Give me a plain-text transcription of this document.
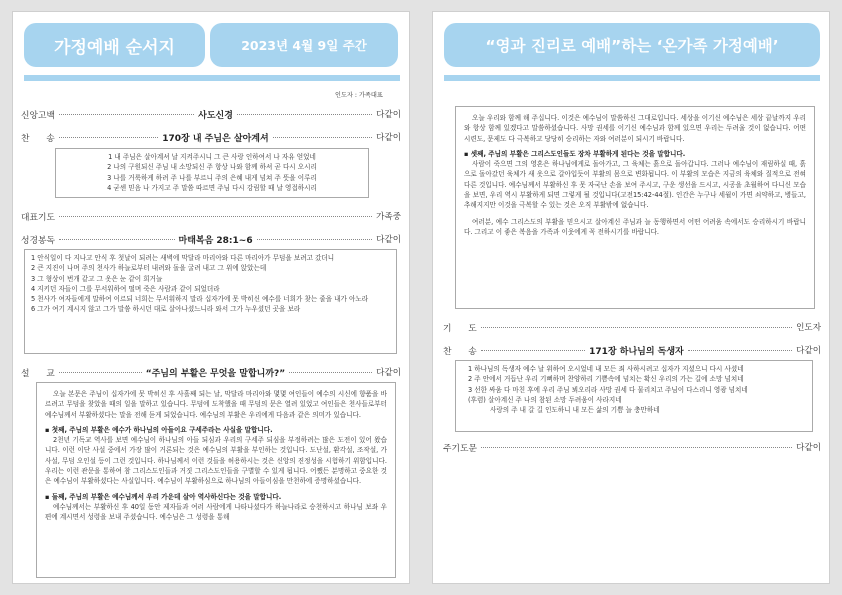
가정예배 순서지	2023년 4월 9일 주간
인도자 : 가족대표
신앙고백	사도신경	다같이
찬      송	170장 내 주님은 살아계셔	다같이

1 내 주님은 살아계셔 날 지켜주시니 그 큰 사랑 인하여서 나 자유 얻었네

2 나의 구원되신 주님 내 소망되신 주 항상 나와 함께 하셔 곧 다시 오시리

3 나를 거룩하게 하려 주 나를 부르니 주의 은혜 내게 넘쳐 주 뜻을 이루리

4 굳센 믿음 나 가지고 주 말씀 따르면 주님 다시 강림할 때 날 영접하시리

대표기도	가족중
성경봉독	마태복음 28:1~6	다같이

1 안식일이 다 지나고 안식 후 첫날이 되려는 새벽에 막달라 마리아와 다른 마리아가 무덤을 보려고 갔더니

2 큰 지진이 나며 주의 천사가 하늘로부터 내려와 돌을 굴려 내고 그 위에 앉았는데

3 그 형상이 번개 같고 그 옷은 눈 같이 희거늘

4 지키던 자들이 그를 무서워하여 떨며 죽은 사람과 같이 되었더라

5 천사가 여자들에게 말하여 이르되 너희는 무서워하지 말라 십자가에 못 박히신 예수를 너희가 찾는 줄을 내가 아노라

6 그가 여기 계시지 않고 그가 말씀 하시던 대로 살아나셨느니라 와서 그가 누우셨던 곳을 보라

설      교	“주님의 부활은 무엇을 말합니까?”	다같이

오늘 본문은 주님이 십자가에 못 박히신 후 사흘째 되는 날, 막달라 마리아와 몇몇 여인들이 예수의 시신에 향품을 바르려고 무덤을 찾았을 때의 일을 말하고 있습니다. 무덤에 도착했을 때 무덤의 문은 열려 있었고 여인들은 천사들로부터 예수님께서 부활하셨다는 말을 전해 듣게 되었습니다. 예수님의 부활은 우리에게 다음과 같은 의미가 있습니다.

▪ 첫째, 주님의 부활은 예수가 하나님의 아들이요 구세주라는 사실을 말합니다.

2천년 기독교 역사를 보면 예수님이 하나님의 아들 되심과 우리의 구세주 되심을 부정하려는 많은 도전이 있어 왔습니다. 이런 이단 사설 중에서 가장 많이 거론되는 것은 예수님의 부활을 부인하는 것입니다. 도난설, 환각설, 조작설, 가사설, 무덤 오인설 등이 그런 것입니다. 하나님께서 이런 것들을 허용하시는 것은 신앙의 진정성을 시험하기 위함입니다. 우리는 이런 관문을 통하여 참 그리스도인들과 거짓 그리스도인들을 구별할 수 있게 됩니다. 어쨌든 분명하고 중요한 것은 예수님이 부활하셨다는 사실입니다. 예수님이 부활하심으로 하나님의 아들이심을 만천하에 증명하셨습니다.

▪ 둘째, 주님의 부활은 예수님께서 우리 가운데 살아 역사하신다는 것을 말합니다.

예수님께서는 부활하신 후 40일 동안 제자들과 여러 사람에게 나타나셨다가 하늘나라로 승천하시고 하나님 보좌 우편에 계시면서 성령을 보내 주셨습니다. 예수님은 그 성령을 통해

“영과 진리로 예배”하는 ‘온가족 가정예배’

오늘 우리와 함께 해 주십니다. 이것은 예수님이 말씀하신 그대로입니다. 세상을 이기신 예수님은 세상 끝날까지 우리와 항상 함께 있겠다고 말씀하셨습니다. 사망 권세를 이기신 예수님과 함께 있으면 우리는 두려울 것이 없습니다. 어떤 시련도, 문제도 다 극복하고 당당히 승리하는 자와 여러분이 되시기 바랍니다.

▪ 셋째, 주님의 부활은 그리스도인들도 장차 부활하게 된다는 것을 말합니다.

사람이 죽으면 그의 영혼은 하나님에게로 돌아가고, 그 육체는 흙으로 돌아갑니다. 그러나 예수님이 재림하실 때, 흙으로 돌아갔던 육체가 새 옷으로 갈아입듯이 부활의 몸으로 변화됩니다. 이 부활의 모습은 지금의 육체와 질적으로 전혀 다른 것입니다. 예수님께서 부활하신 후 못 자국난 손을 보여 주시고, 구운 생선을 드시고, 시공을 초월하여 다니신 모습을 보면, 우리 역시 부활하게 되면 그렇게 될 것입니다(고전15:42-44절). 인간은 누구나 세월이 가면 쇠약하고, 병들고, 추해지지만 이것을 극복할 수 있는 것은 오직 부활밖에 없습니다.

여러분, 예수 그리스도의 부활을 믿으시고 살아계신 주님과 늘 동행하면서 어떤 어려움 속에서도 승리하시기 바랍니다. 그리고 이 좋은 복음을 가족과 이웃에게 꼭 전하시기를 바랍니다.

기      도	인도자
찬      송	171장 하나님의 독생자	다같이

1 하나님의 독생자 예수 날 위하여 오시었네 내 모든 죄 사하시려고 십자가 지셨으니 다시 사셨네

2 주 안에서 거듭난 우리 기뻐하며 찬양하리 기쁨속에 넘치는 확신 우리의 가는 길에 소망 넘치네

3 선한 싸움 다 마친 후에 우리 주님 뵈오리라 사망 권세 다 물리치고 주님이 다스리니 영광 넘치네

(후렴) 살아계신 주 나의 참된 소망 두려움이 사라지네

사랑의 주 내 갈 길 인도하니 내 모든 삶의 기쁨 늘 충만하네

주기도문	다같이
